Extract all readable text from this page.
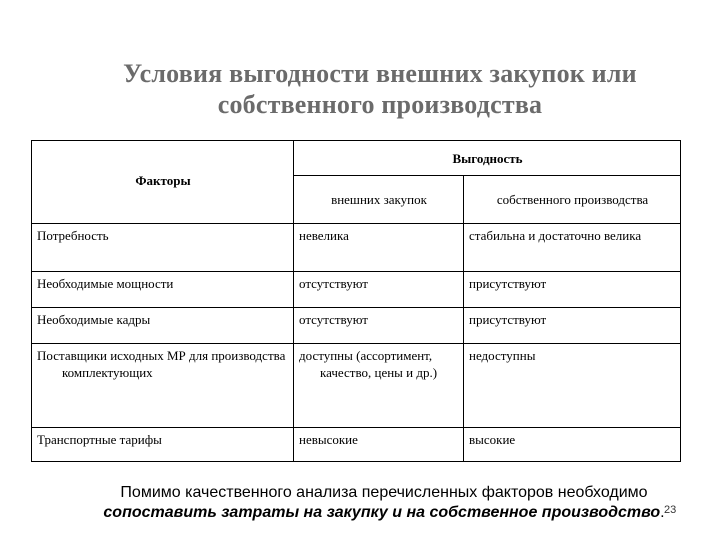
Условия выгодности внешних закупок или
собственного производства
Факторы	Выгодность	

	внешних закупок	собственного производства

Потребность	невелика	стабильна и достаточно велика

Необходимые мощности	отсутствуют	присутствуют

Необходимые кадры	отсутствуют	присутствуют

Поставщики исходных МР для производства комплектующих	доступны (ассортимент, качество, цены и др.)	недоступны

Транспортные тарифы	невысокие	высокие
Помимо качественного анализа перечисленных факторов необходимо
сопоставить затраты на закупку и на собственное производство. 23
